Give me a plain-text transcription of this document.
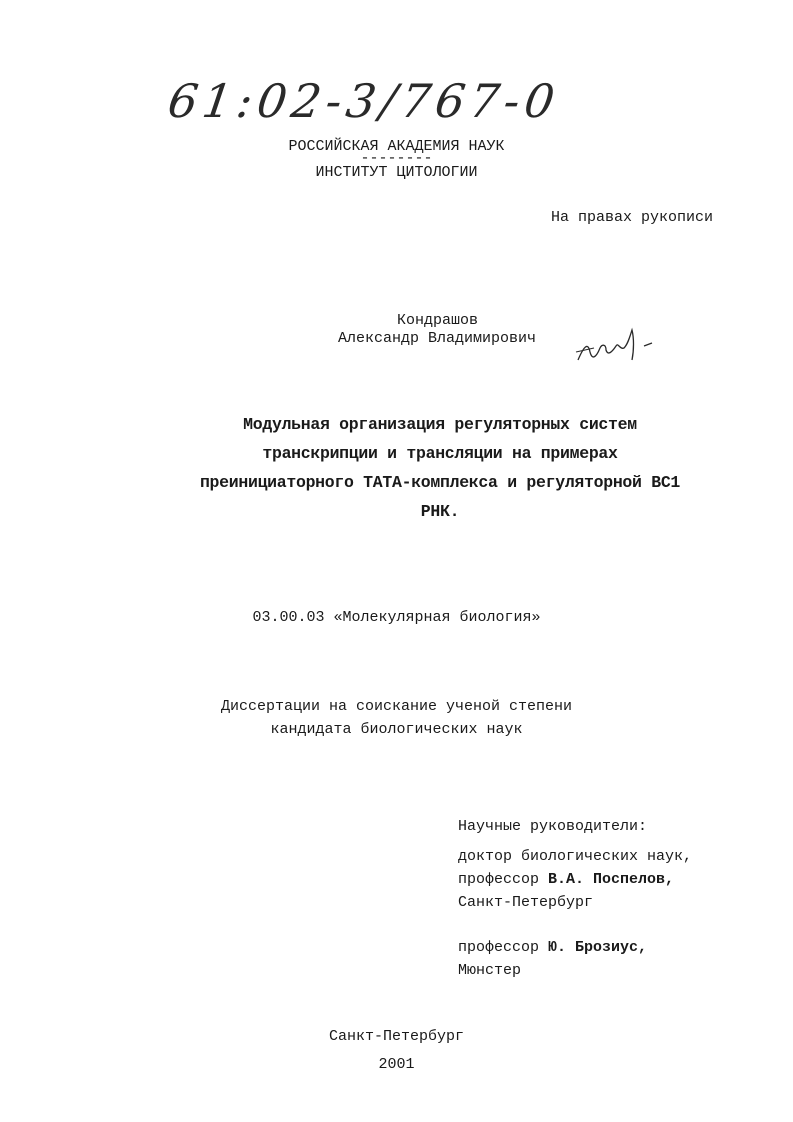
61:02-3/767-0
РОССИЙСКАЯ АКАДЕМИЯ НАУК
--------
ИНСТИТУТ ЦИТОЛОГИИ
На правах рукописи
Кондрашов
Александр Владимирович
Модульная организация регуляторных систем
транскрипции и трансляции на примерах
преинициаторного ТАТА-комплекса и регуляторной ВС1
РНК.
03.00.03 «Молекулярная биология»
Диссертации на соискание ученой степени
кандидата биологических наук
Научные руководители:
доктор биологических наук,
профессор В.А. Поспелов,
Санкт-Петербург
профессор Ю. Брозиус,
Мюнстер
Санкт-Петербург
2001
